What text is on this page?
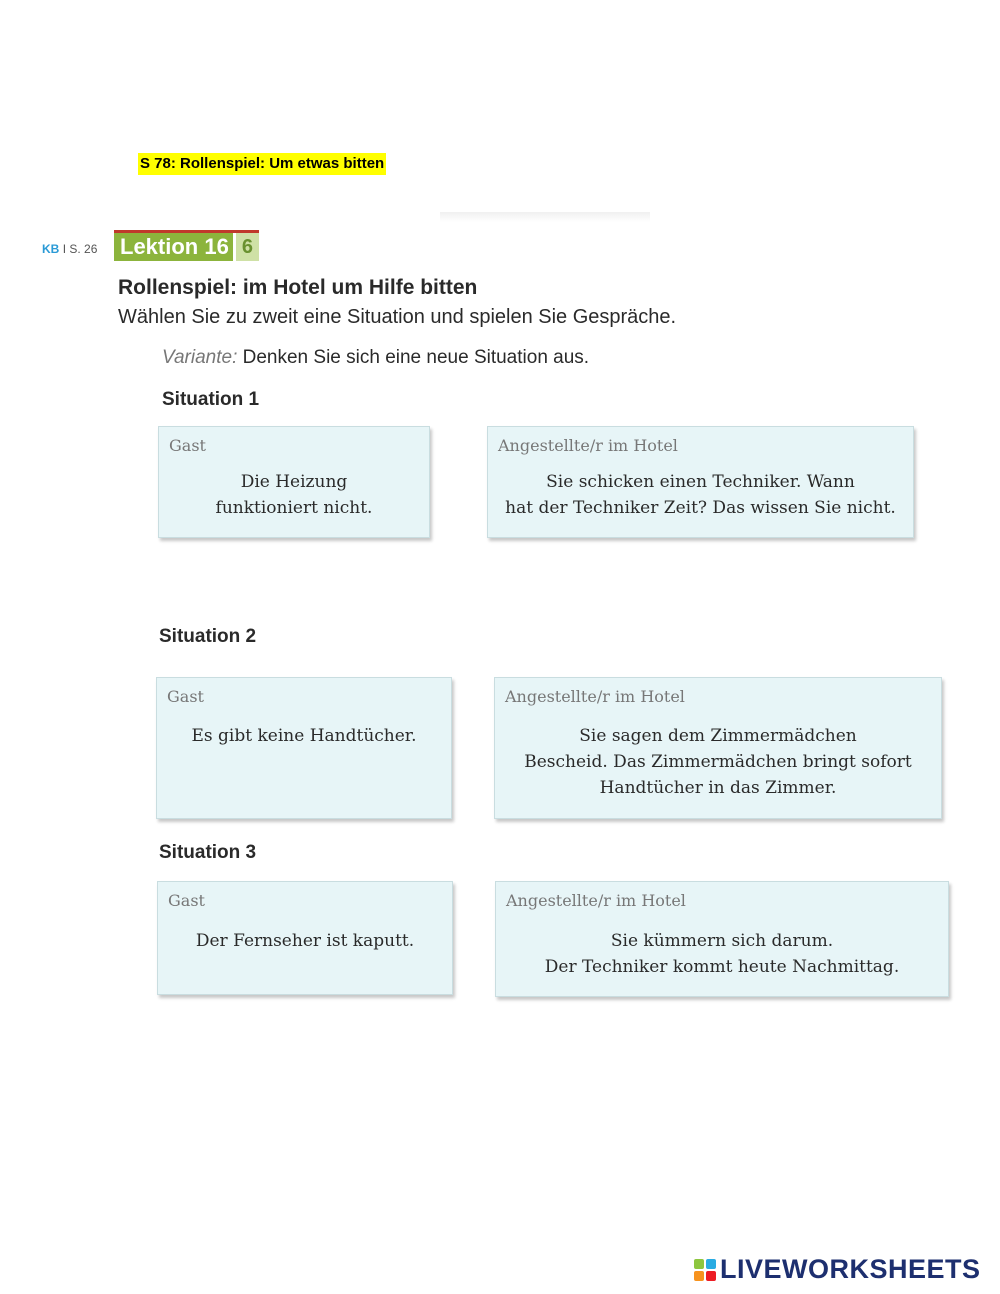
S 78: Rollenspiel: Um etwas bitten
KB I S. 26 Lektion 16 6
Rollenspiel: im Hotel um Hilfe bitten
Wählen Sie zu zweit eine Situation und spielen Sie Gespräche.
Variante: Denken Sie sich eine neue Situation aus.
Situation 1
Gast
Die Heizung
funktioniert nicht.
Angestellte/r im Hotel
Sie schicken einen Techniker. Wann
hat der Techniker Zeit? Das wissen Sie nicht.
Situation 2
Gast
Es gibt keine Handtücher.
Angestellte/r im Hotel
Sie sagen dem Zimmermädchen
Bescheid. Das Zimmermädchen bringt sofort
Handtücher in das Zimmer.
Situation 3
Gast
Der Fernseher ist kaputt.
Angestellte/r im Hotel
Sie kümmern sich darum.
Der Techniker kommt heute Nachmittag.
LIVEWORKSHEETS
